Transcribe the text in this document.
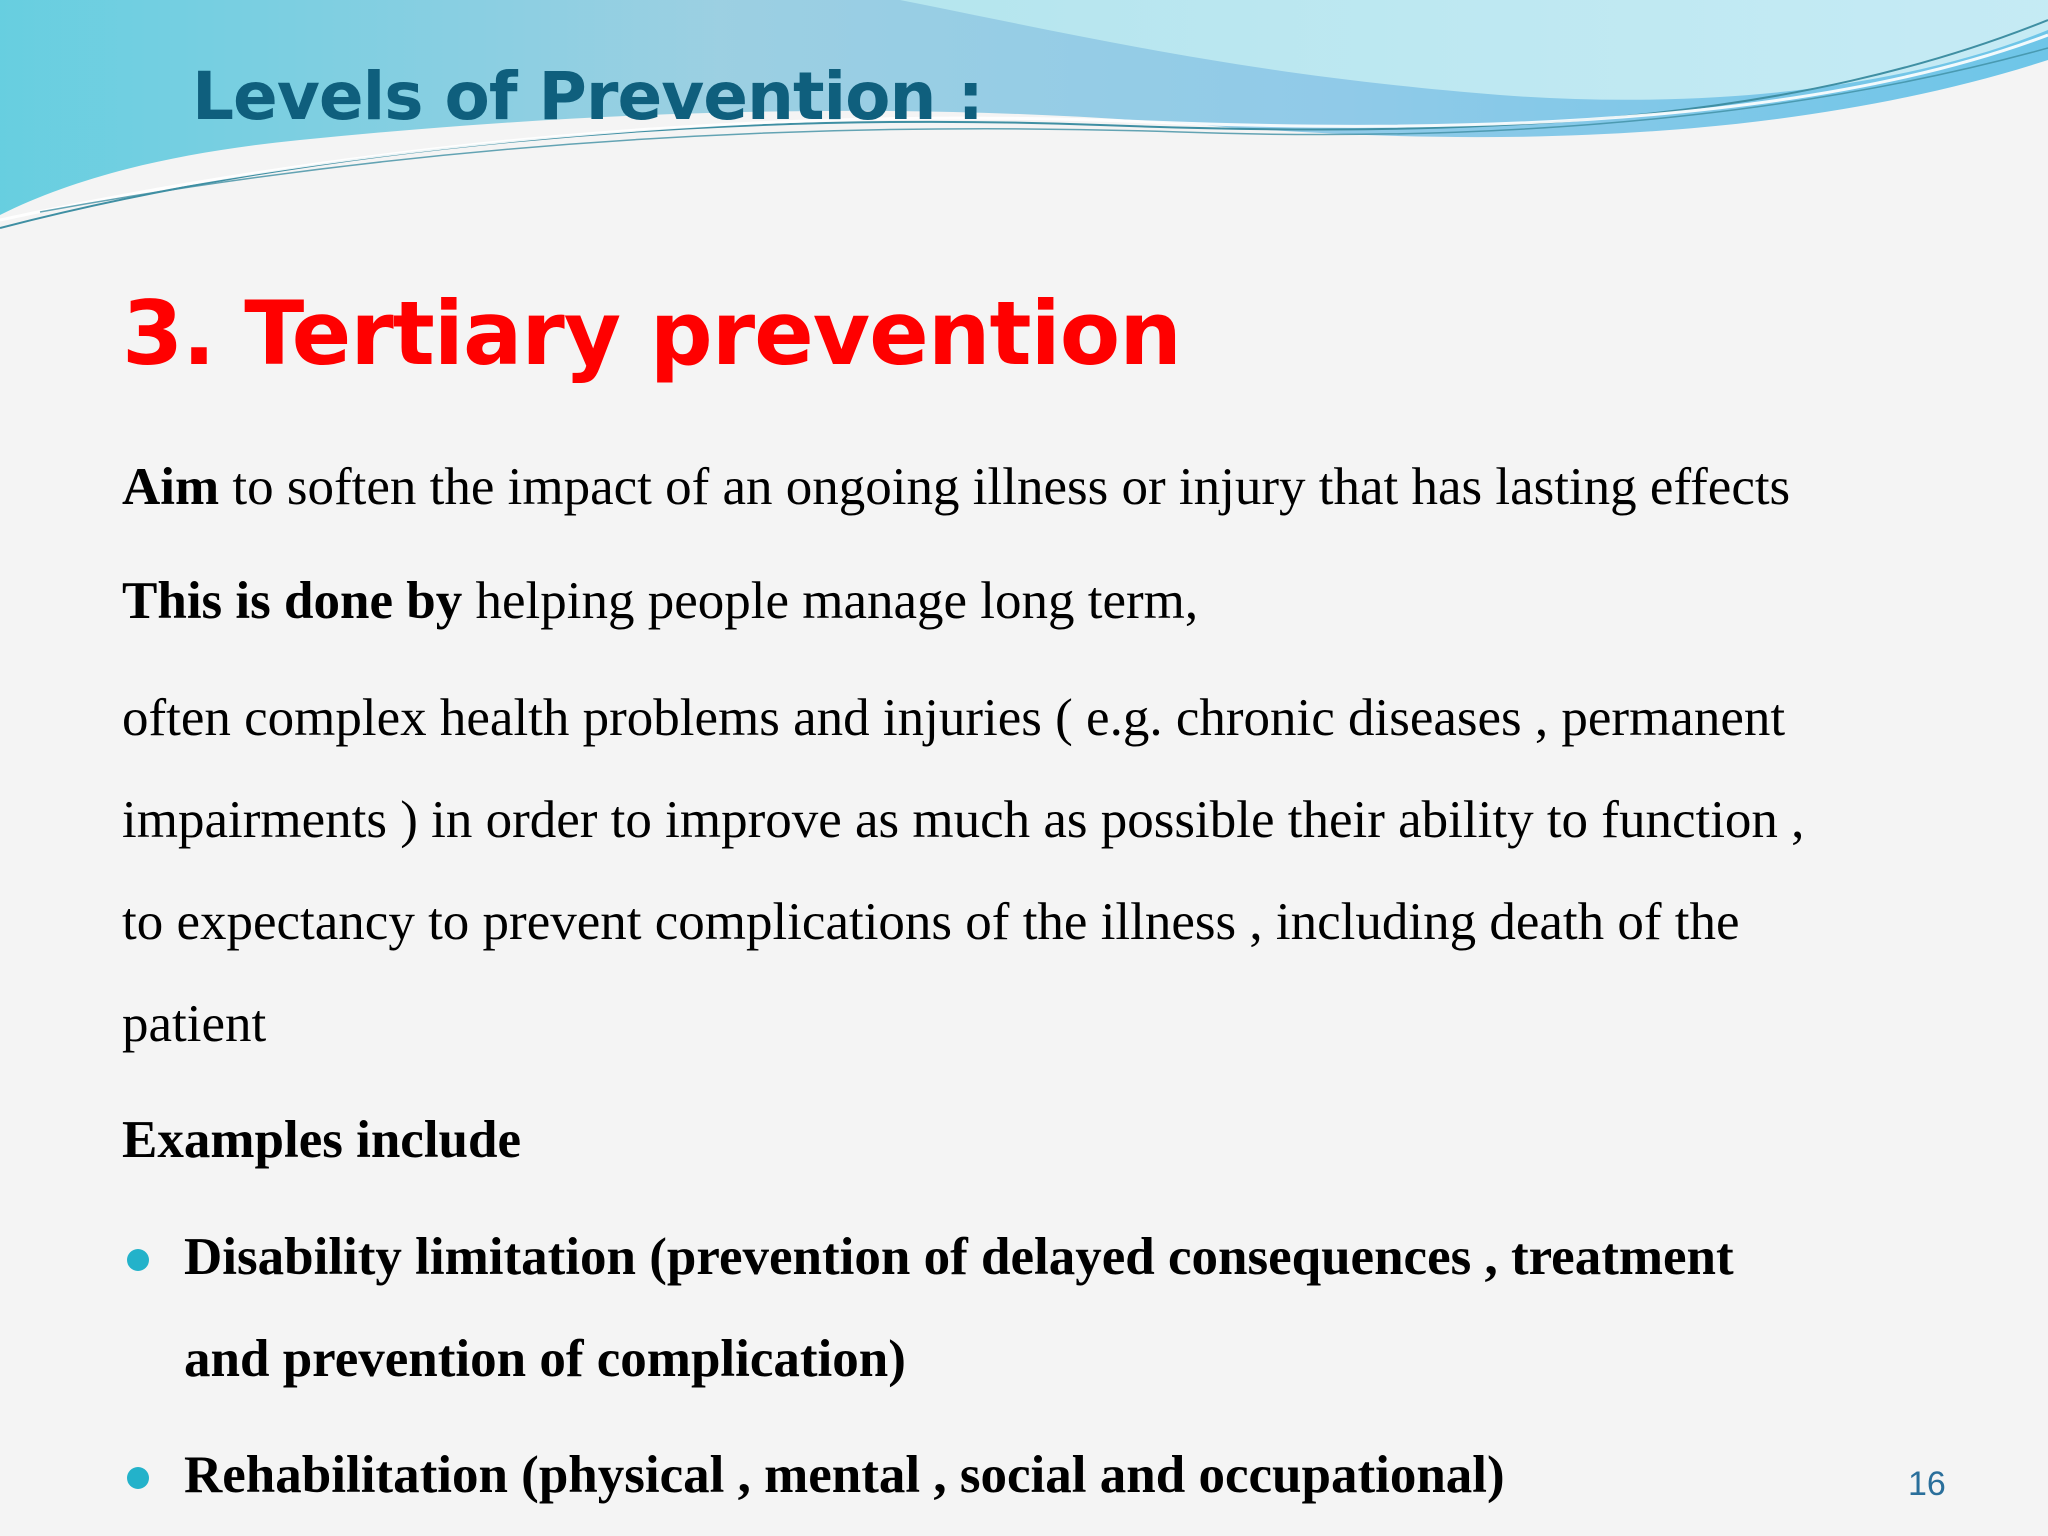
Levels of Prevention :
3. Tertiary prevention
Aim to soften the impact of an ongoing illness or injury that has lasting effects
This is done by helping people manage long term,
often complex health problems and injuries ( e.g. chronic diseases , permanent
impairments ) in order to improve as much as possible their ability to function ,
to expectancy to prevent complications of the illness , including death of the
patient
Examples include
Disability limitation (prevention of delayed consequences , treatment
and prevention of complication)
Rehabilitation (physical , mental , social and occupational)	16
